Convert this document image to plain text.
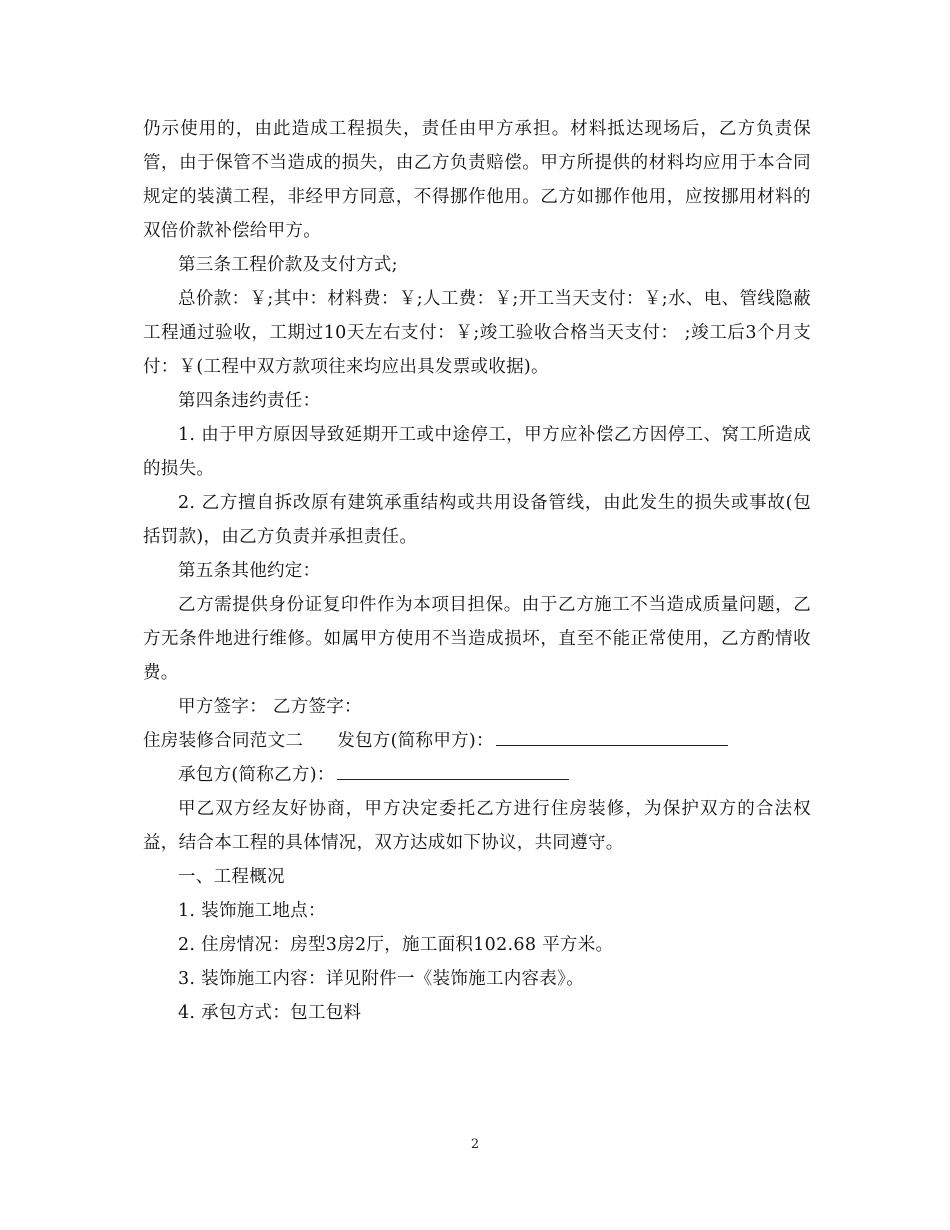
仍示使用的，由此造成工程损失，责任由甲方承担。材料抵达现场后，乙方负责保管，由于保管不当造成的损失，由乙方负责赔偿。甲方所提供的材料均应用于本合同规定的装潢工程，非经甲方同意，不得挪作他用。乙方如挪作他用，应按挪用材料的双倍价款补偿给甲方。

第三条工程价款及支付方式;

总价款：￥;其中：材料费：￥;人工费：￥;开工当天支付：￥;水、电、管线隐蔽工程通过验收，工期过10天左右支付：￥;竣工验收合格当天支付： ;竣工后3个月支付：￥(工程中双方款项往来均应出具发票或收据)。

第四条违约责任：

1. 由于甲方原因导致延期开工或中途停工，甲方应补偿乙方因停工、窝工所造成的损失。

2. 乙方擅自拆改原有建筑承重结构或共用设备管线，由此发生的损失或事故(包括罚款)，由乙方负责并承担责任。

第五条其他约定：

乙方需提供身份证复印件作为本项目担保。由于乙方施工不当造成质量问题，乙方无条件地进行维修。如属甲方使用不当造成损坏，直至不能正常使用，乙方酌情收费。

甲方签字： 乙方签字：

住房装修合同范文二 发包方(简称甲方)：

承包方(简称乙方)：

甲乙双方经友好协商，甲方决定委托乙方进行住房装修，为保护双方的合法权益，结合本工程的具体情况，双方达成如下协议，共同遵守。

一、工程概况

1. 装饰施工地点：

2. 住房情况：房型3房2厅，施工面积102.68 平方米。

3. 装饰施工内容：详见附件一《装饰施工内容表》。

4. 承包方式：包工包料

2
